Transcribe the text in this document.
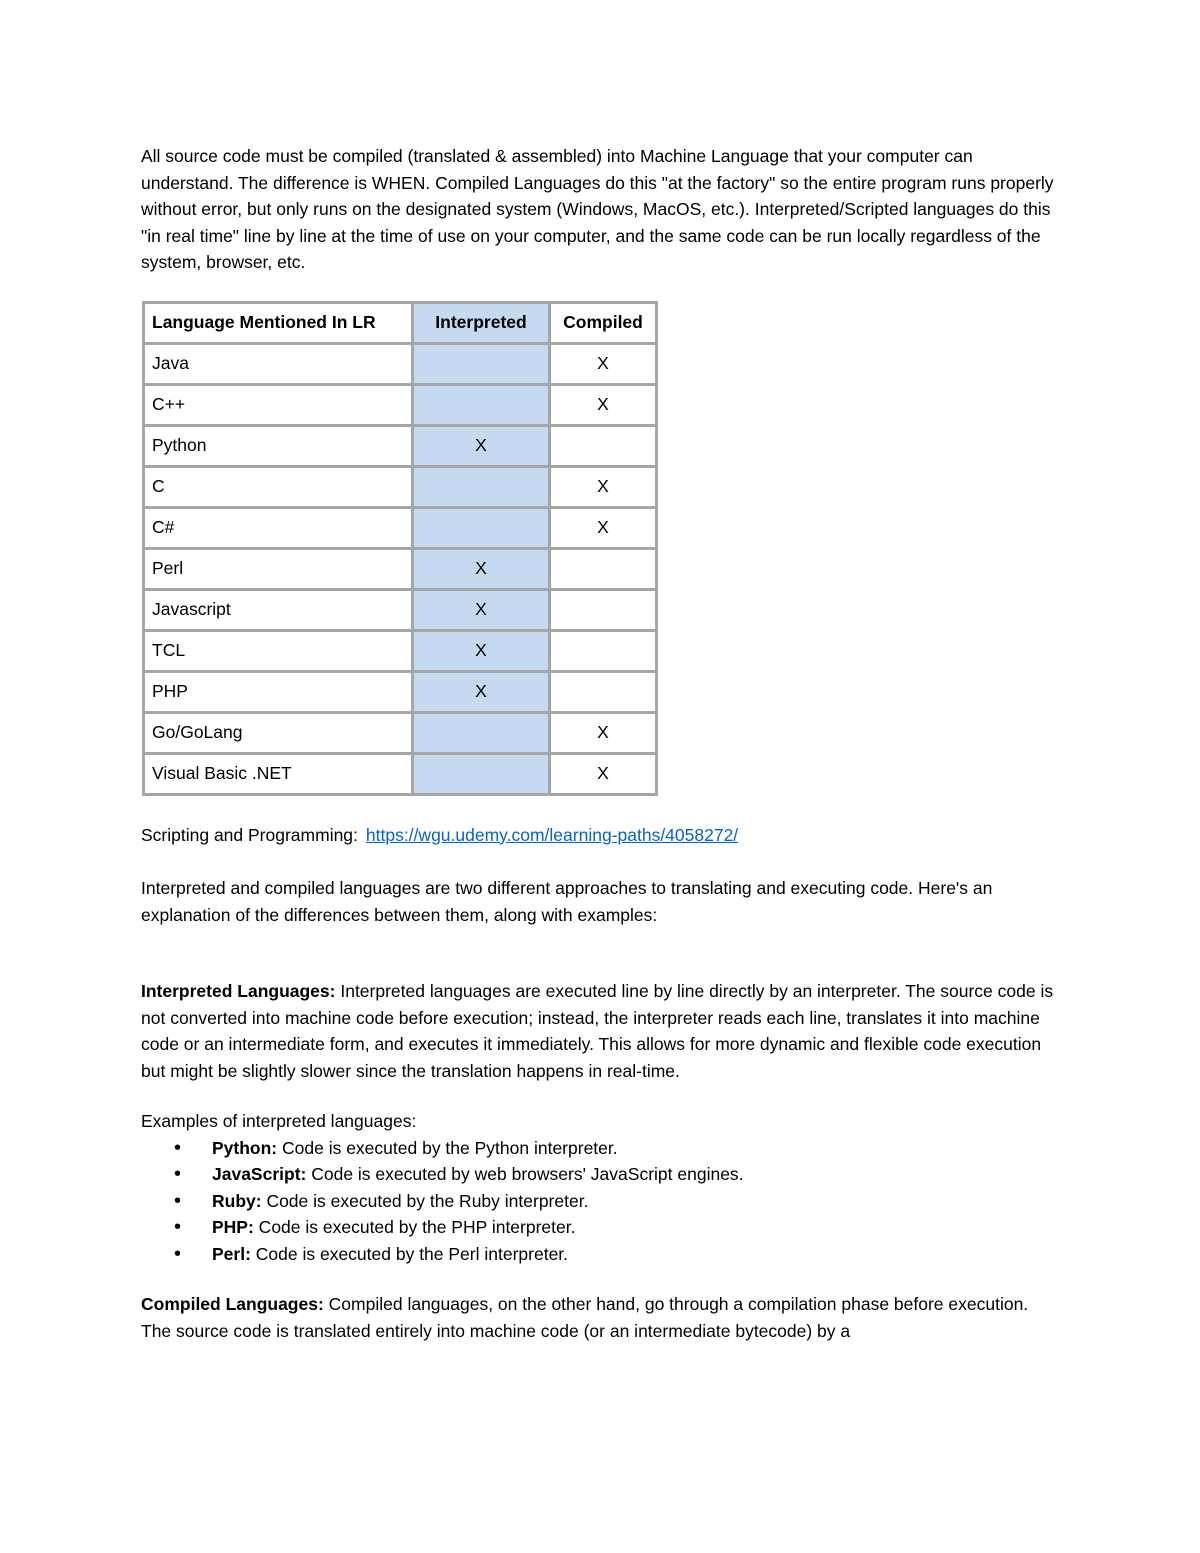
All source code must be compiled (translated & assembled) into Machine Language that your computer can understand. The difference is WHEN. Compiled Languages do this "at the factory" so the entire program runs properly without error, but only runs on the designated system (Windows, MacOS, etc.). Interpreted/Scripted languages do this "in real time" line by line at the time of use on your computer, and the same code can be run locally regardless of the system, browser, etc.

Language Mentioned In LR	Interpreted	Compiled
Java		X
C++		X
Python	X	
C		X
C#		X
Perl	X	
Javascript	X	
TCL	X	
PHP	X	
Go/GoLang		X
Visual Basic .NET		X

Scripting and Programming: https://wgu.udemy.com/learning-paths/4058272/

Interpreted and compiled languages are two different approaches to translating and executing code. Here's an explanation of the differences between them, along with examples:

Interpreted Languages: Interpreted languages are executed line by line directly by an interpreter. The source code is not converted into machine code before execution; instead, the interpreter reads each line, translates it into machine code or an intermediate form, and executes it immediately. This allows for more dynamic and flexible code execution but might be slightly slower since the translation happens in real-time.

Examples of interpreted languages:

• Python: Code is executed by the Python interpreter.
• JavaScript: Code is executed by web browsers' JavaScript engines.
• Ruby: Code is executed by the Ruby interpreter.
• PHP: Code is executed by the PHP interpreter.
• Perl: Code is executed by the Perl interpreter.

Compiled Languages: Compiled languages, on the other hand, go through a compilation phase before execution. The source code is translated entirely into machine code (or an intermediate bytecode) by a
